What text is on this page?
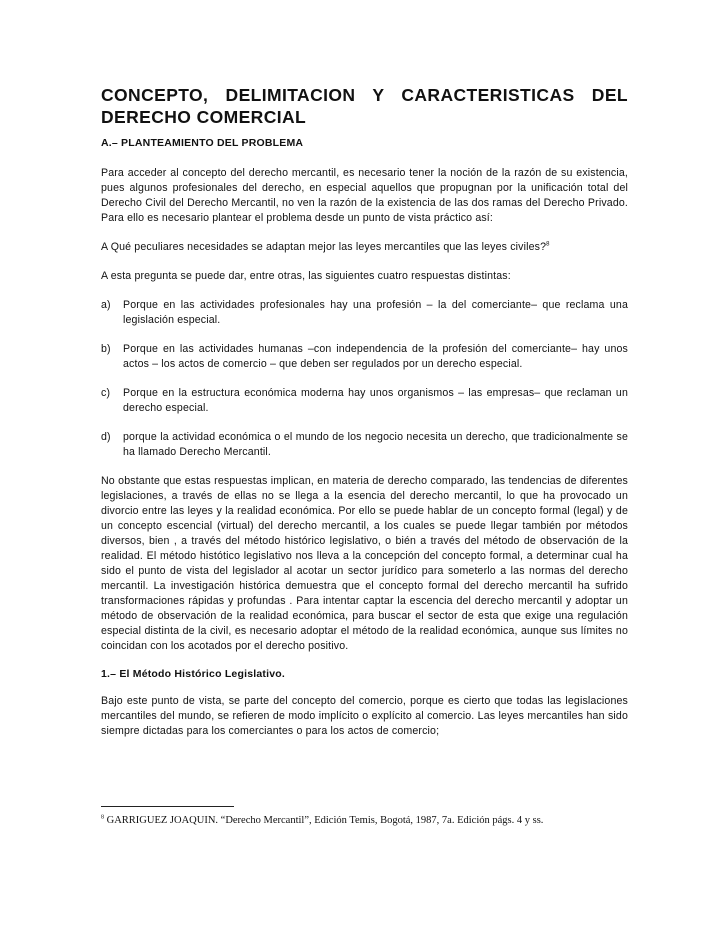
CONCEPTO, DELIMITACION Y CARACTERISTICAS DEL DERECHO COMERCIAL
A.– PLANTEAMIENTO DEL PROBLEMA

Para acceder al concepto del derecho mercantil, es necesario tener la noción de la razón de su existencia, pues algunos profesionales del derecho, en especial aquellos que propugnan por la unificación total del Derecho Civil del Derecho Mercantil, no ven la razón de la existencia de las dos ramas del Derecho Privado. Para ello es necesario plantear el problema desde un punto de vista práctico así:

A Qué peculiares necesidades se adaptan mejor las leyes mercantiles que las leyes civiles?$^8$

A esta pregunta se puede dar, entre otras, las siguientes cuatro respuestas distintas:

a)	Porque en las actividades profesionales hay una profesión – la del comerciante– que reclama una legislación especial.
b)	Porque en las actividades humanas –con independencia de la profesión del comerciante– hay unos actos – los actos de comercio – que deben ser regulados por un derecho especial.
c)	Porque en la estructura económica moderna hay unos organismos – las empresas– que reclaman un derecho especial.
d)	porque la actividad económica o el mundo de los negocio necesita un derecho, que tradicionalmente se ha llamado Derecho Mercantil.

No obstante que estas respuestas implican, en materia de derecho comparado, las tendencias de diferentes legislaciones, a través de ellas no se llega a la esencia del derecho mercantil, lo que ha provocado un divorcio entre las leyes y la realidad económica. Por ello se puede hablar de un concepto formal (legal) y de un concepto escencial (virtual) del derecho mercantil, a los cuales se puede llegar también por métodos diversos, bien , a través del método histórico legislativo, o bién a través del método de observación de la realidad. El método histótico legislativo nos lleva a la concepción del concepto formal, a determinar cual ha sido el punto de vista del legislador al acotar un sector jurídico para someterlo a las normas del derecho mercantil. La investigación histórica demuestra que el concepto formal del derecho mercantil ha sufrido transformaciones rápidas y profundas . Para intentar captar la escencia del derecho mercantil y adoptar un método de observación de la realidad económica, para buscar el sector de esta que exige una regulación especial distinta de la civil, es necesario adoptar el método de la realidad económica, aunque sus límites no coincidan con los acotados por el derecho positivo.

1.– El Método Histórico Legislativo.

Bajo este punto de vista, se parte del concepto del comercio, porque es cierto que todas las legislaciones mercantiles del mundo, se refieren de modo implícito o explícito al comercio. Las leyes mercantiles han sido siempre dictadas para los comerciantes o para los actos de comercio;

$^8$ GARRIGUEZ JOAQUIN. “Derecho Mercantil”, Edición Temis, Bogotá, 1987, 7a. Edición págs. 4 y ss.
